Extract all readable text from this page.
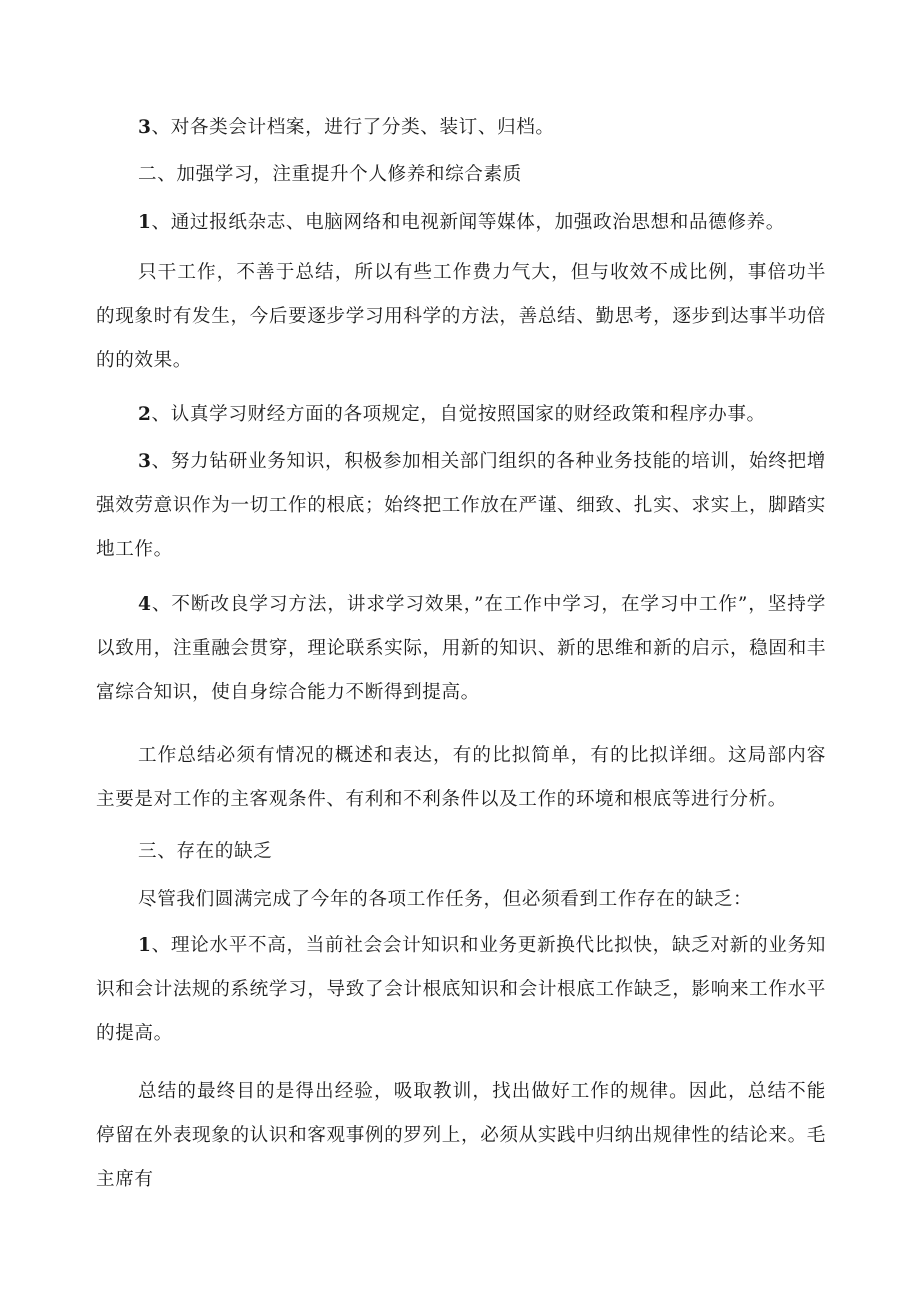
3、对各类会计档案，进行了分类、装订、归档。

二、加强学习，注重提升个人修养和综合素质

1、通过报纸杂志、电脑网络和电视新闻等媒体，加强政治思想和品德修养。

只干工作，不善于总结，所以有些工作费力气大，但与收效不成比例，事倍功半的现象时有发生，今后要逐步学习用科学的方法，善总结、勤思考，逐步到达事半功倍的的效果。

2、认真学习财经方面的各项规定，自觉按照国家的财经政策和程序办事。

3、努力钻研业务知识，积极参加相关部门组织的各种业务技能的培训，始终把增强效劳意识作为一切工作的根底；始终把工作放在严谨、细致、扎实、求实上，脚踏实地工作。

4、不断改良学习方法，讲求学习效果，”在工作中学习，在学习中工作”，坚持学以致用，注重融会贯穿，理论联系实际，用新的知识、新的思维和新的启示，稳固和丰富综合知识，使自身综合能力不断得到提高。

工作总结必须有情况的概述和表达，有的比拟简单，有的比拟详细。这局部内容主要是对工作的主客观条件、有利和不利条件以及工作的环境和根底等进行分析。

三、存在的缺乏

尽管我们圆满完成了今年的各项工作任务，但必须看到工作存在的缺乏：

1、理论水平不高，当前社会会计知识和业务更新换代比拟快，缺乏对新的业务知识和会计法规的系统学习，导致了会计根底知识和会计根底工作缺乏，影响来工作水平的提高。

总结的最终目的是得出经验，吸取教训，找出做好工作的规律。因此，总结不能停留在外表现象的认识和客观事例的罗列上，必须从实践中归纳出规律性的结论来。毛主席有
